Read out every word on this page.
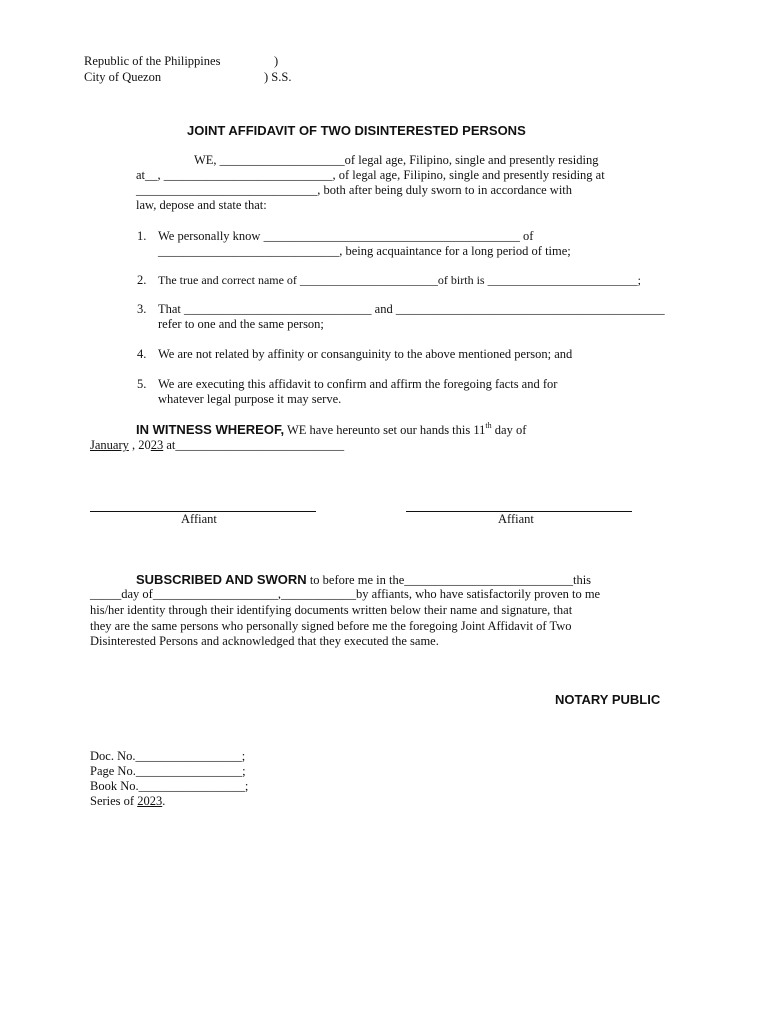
Republic of the Philippines	)
City of Quezon	) S.S.
JOINT AFFIDAVIT OF TWO DISINTERESTED PERSONS
WE, ____________________of legal age, Filipino, single and presently residing
at__, ___________________________, of legal age, Filipino, single and presently residing at
_____________________________, both after being duly sworn to in accordance with
law, depose and state that:
1. We personally know _________________________________________ of
_____________________________, being acquaintance for a long period of time;
2. The true and correct name of _______________________of birth is _________________________;
3. That ______________________________ and ___________________________________________
refer to one and the same person;
4. We are not related by affinity or consanguinity to the above mentioned person; and
5. We are executing this affidavit to confirm and affirm the foregoing facts and for
whatever legal purpose it may serve.
IN WITNESS WHEREOF, WE have hereunto set our hands this 11th day of
January , 2023 at___________________________
Affiant	Affiant
SUBSCRIBED AND SWORN to before me in the___________________________this
_____day of____________________,____________by affiants, who have satisfactorily proven to me
his/her identity through their identifying documents written below their name and signature, that
they are the same persons who personally signed before me the foregoing Joint Affidavit of Two
Disinterested Persons and acknowledged that they executed the same.
NOTARY PUBLIC
Doc. No._________________;
Page No._________________;
Book No._________________;
Series of 2023.
